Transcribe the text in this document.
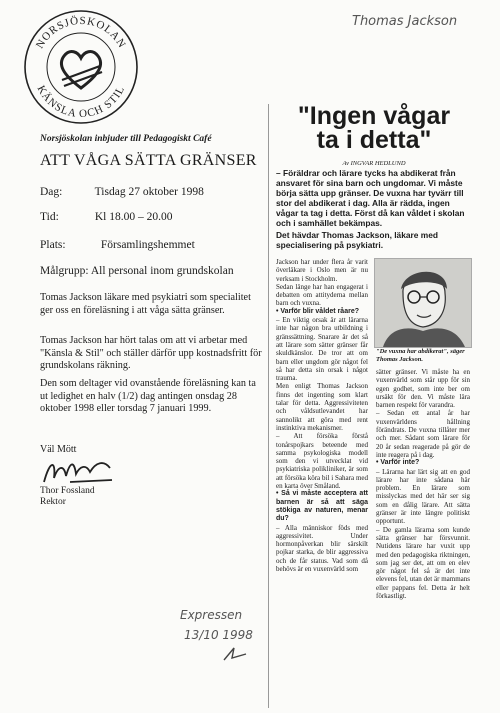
NORSJÖSKOLAN
KÄNSLA OCH STIL
Thomas Jackson
Norsjöskolan inbjuder till Pedagogiskt Café
ATT VÅGA SÄTTA GRÄNSER
Dag:	Tisdag 27 oktober 1998
Tid:	Kl 18.00 – 20.00
Plats:	Församlingshemmet
Målgrupp: All personal inom grundskolan
Tomas Jackson läkare med psykiatri som specialitet ger oss en föreläsning i att våga sätta gränser.
Tomas Jackson har hört talas om att vi arbetar med "Känsla & Stil" och ställer därför upp kostnadsfritt för grundskolans räkning.
Den som deltager vid ovanstående föreläsning kan ta ut ledighet en halv (1/2) dag antingen onsdag 28 oktober 1998 eller torsdag 7 januari 1999.
Väl Mött
Thor Fossland
Rektor
Expressen
13/10 1998
"Ingen vågar
ta i detta"
Av INGVAR HEDLUND
– Föräldrar och lärare tycks ha abdikerat från ansvaret för sina barn och ungdomar. Vi måste börja sätta upp gränser. De vuxna har tyvärr till stor del abdikerat i dag. Alla är rädda, ingen vågar ta tag i detta. Först då kan våldet i skolan och i samhället bekämpas.
Det hävdar Thomas Jackson, läkare med specialisering på psykiatri.

Jackson har under flera år varit överläkare i Oslo men är nu verksam i Stockholm.

Sedan länge har han engagerat i debatten om attityderna mellan barn och vuxna.

• Varför blir våldet råare?

– En viktig orsak är att lärarna inte har någon bra utbildning i gränssättning. Snarare är det så att lärare som sätter gränser får skuldkänslor. De tror att om barn eller ungdom gör något fel så har detta sin orsak i något trauma.

Men enligt Thomas Jackson finns det ingenting som klart talar för detta. Aggressiviteten och våldsutlevandet har sannolikt att göra med rent instinktiva mekanismer.

– Att försöka förstå tonårspojkars beteende med samma psykologiska modell som den vi utvecklat vid psykiatriska polikliniker, är som att försöka köra bil i Sahara med en karta över Småland.

• Så vi måste acceptera att barnen är så att säga stökiga av naturen, menar du?

– Alla människor föds med aggressivitet. Under hormonpåverkan blir särskilt pojkar starka, de blir aggressiva och de får status. Vad som då behövs är en vuxenvärld som

"De vuxna har abdikerat", säger Thomas Jackson.

sätter gränser. Vi måste ha en vuxenvärld som står upp för sin egen godhet, som inte ber om ursäkt för den. Vi måste lära barnen respekt för varandra.

– Sedan ett antal år har vuxenvärldens hållning förändrats. De vuxna tillåter mer och mer. Sådant som lärare för 20 år sedan reagerade på gör de inte reagera på i dag.

• Varför inte?

– Lärarna har lärt sig att en god lärare har inte sådana här problem. En lärare som misslyckas med det här ser sig som en dålig lärare. Att sätta gränser är inte längre politiskt opportunt.

– De gamla lärarna som kunde sätta gränser har försvunnit. Nutidens lärare har vuxit upp med den pedagogiska riktningen, som jag ser det, att om en elev gör något fel så är det inte elevens fel, utan det är mammans eller pappans fel. Detta är helt förkastligt.
